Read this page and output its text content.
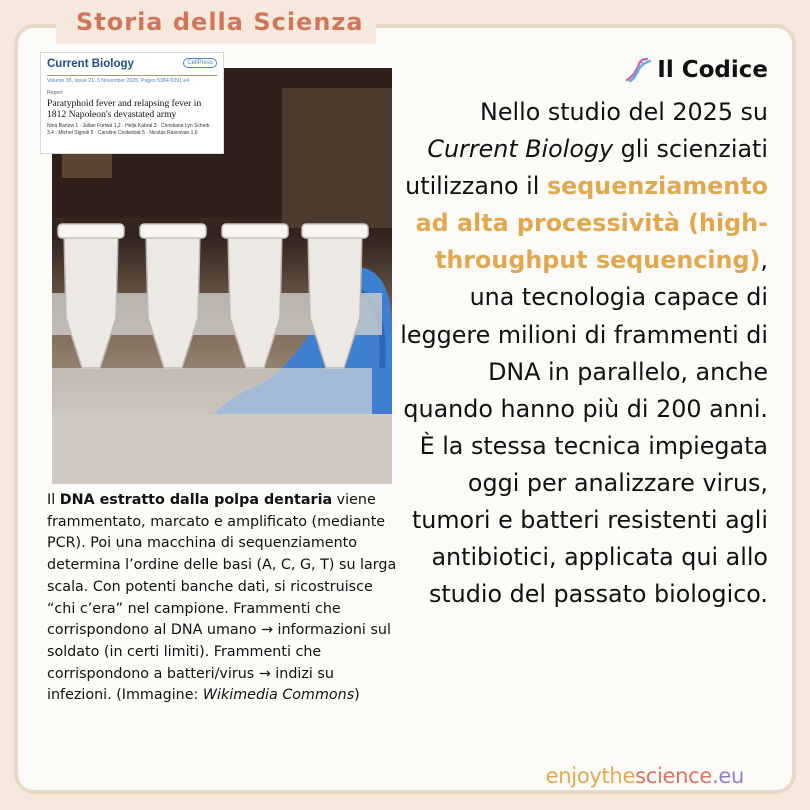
Storia della Scienza
Current Biology	CellPress
Volume 35, Issue 21, 3 November 2025, Pages 5384-5391.e4
Report
Paratyphoid fever and relapsing fever in 1812 Napoleon's devastated army
Nina Barlow 1 · Julian Furtwä 1,2 · Helja Kabral 3 · Christiana Lyn Scheib 3,4 · Michel Signoli 5 · Caroline Costedoat 5 · Nicolás Rascovan 1,6
Il DNA estratto dalla polpa dentaria viene frammentato, marcato e amplificato (mediante PCR). Poi una macchina di sequenziamento determina l’ordine delle basi (A, C, G, T) su larga scala. Con potenti banche dati, si ricostruisce “chi c’era” nel campione. Frammenti che corrispondono al DNA umano → informazioni sul soldato (in certi limiti). Frammenti che corrispondono a batteri/virus → indizi su infezioni. (Immagine: Wikimedia Commons)
Il Codice
Nello studio del 2025 su Current Biology gli scienziati utilizzano il sequenziamento ad alta processività (high-throughput sequencing), una tecnologia capace di leggere milioni di frammenti di DNA in parallelo, anche quando hanno più di 200 anni. È la stessa tecnica impiegata oggi per analizzare virus, tumori e batteri resistenti agli antibiotici, applicata qui allo studio del passato biologico.
enjoythescience.eu
